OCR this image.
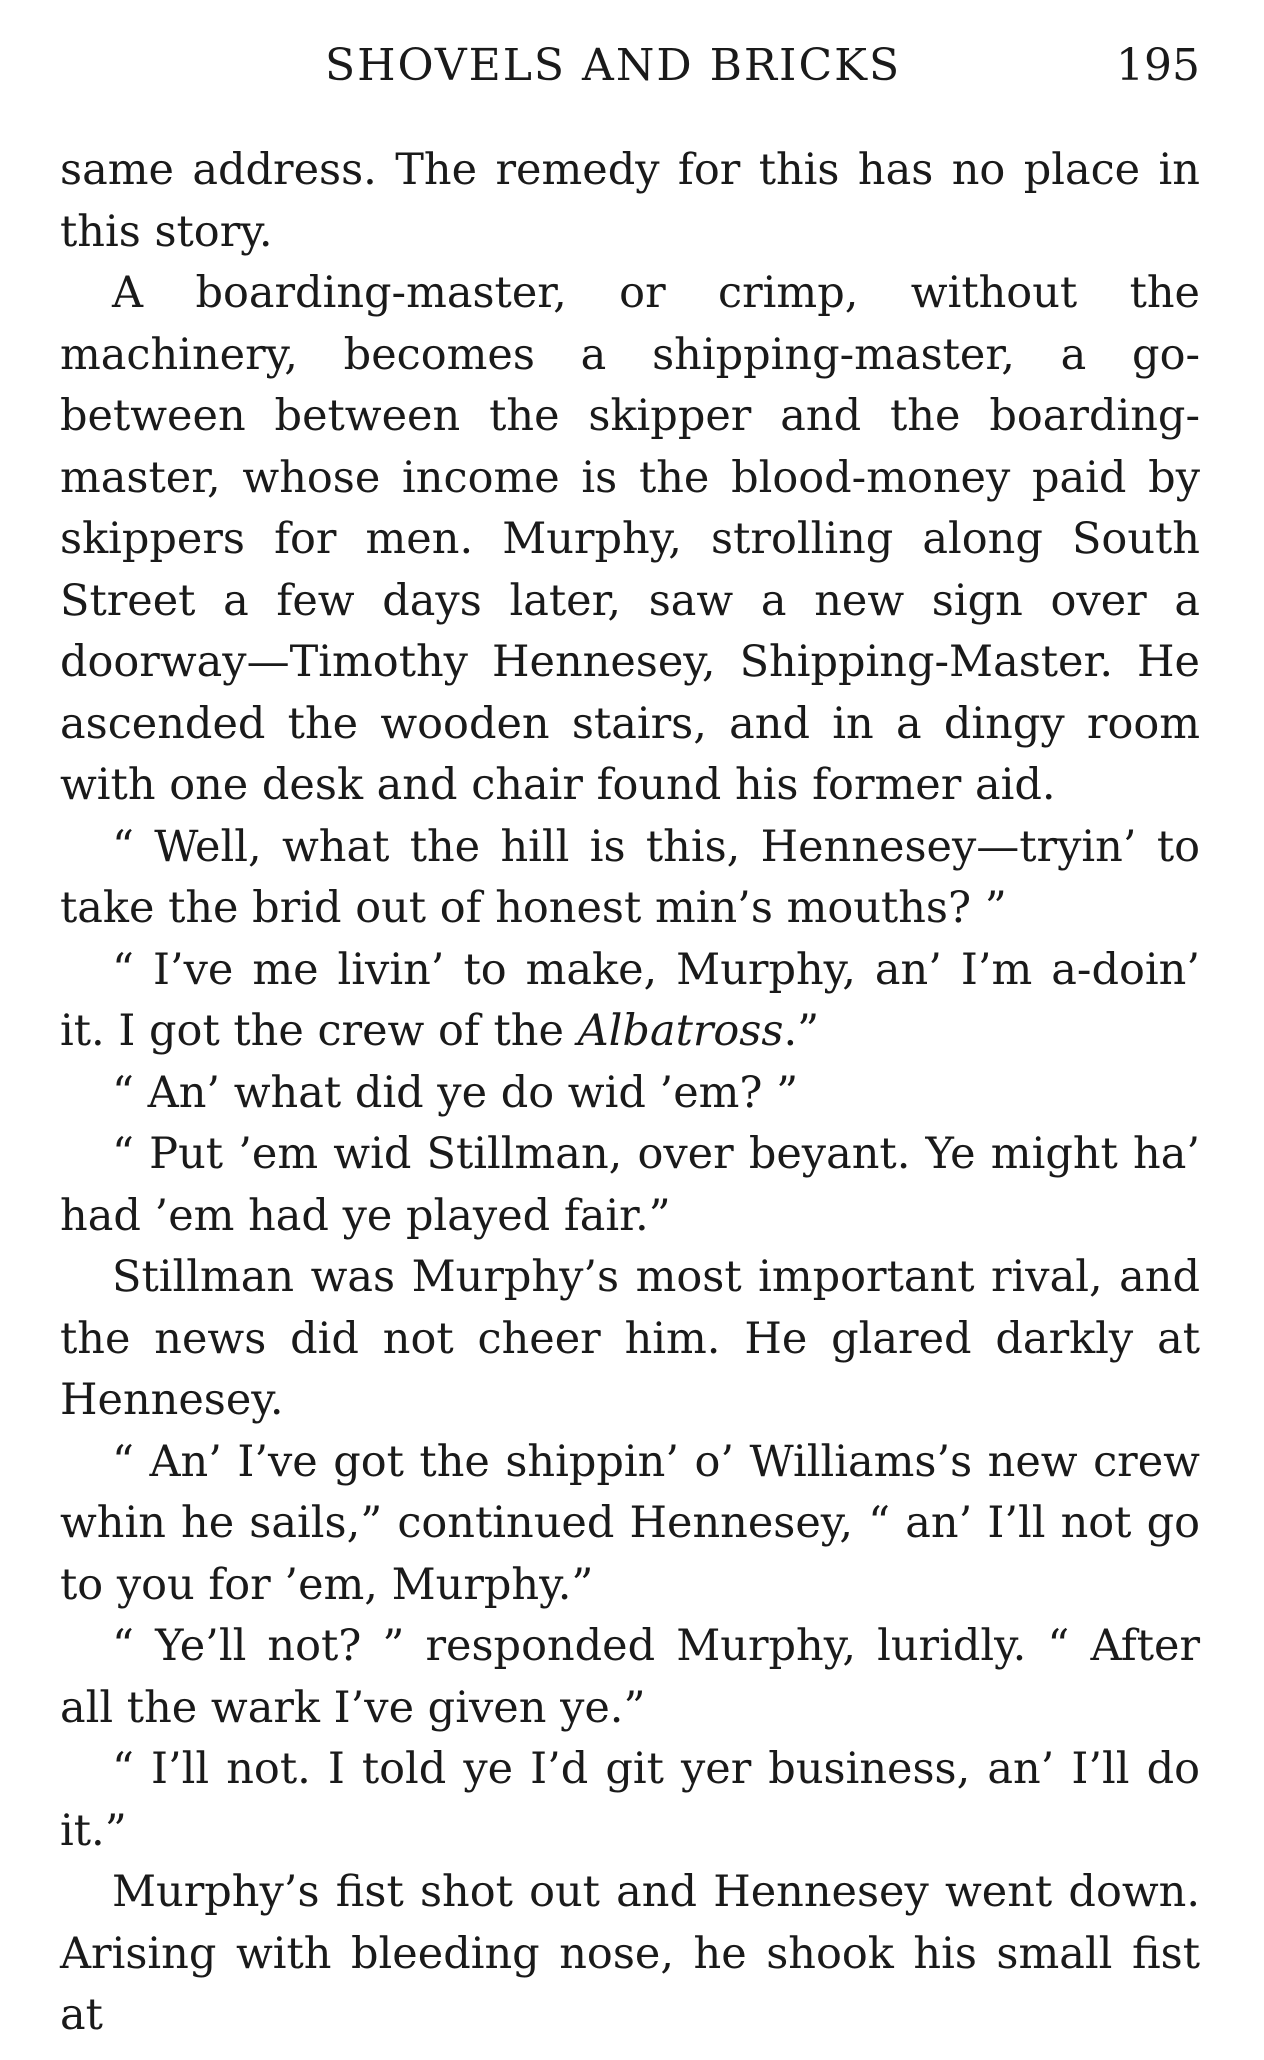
SHOVELS AND BRICKS	195

same address. The remedy for this has no place in this story.

A boarding-master, or crimp, without the machinery, becomes a shipping-master, a go-between between the skipper and the boarding-master, whose income is the blood-money paid by skippers for men. Murphy, strolling along South Street a few days later, saw a new sign over a doorway—Timothy Hennesey, Shipping-Master. He ascended the wooden stairs, and in a dingy room with one desk and chair found his former aid.

“ Well, what the hill is this, Hennesey—tryin’ to take the brid out of honest min’s mouths? ”

“ I’ve me livin’ to make, Murphy, an’ I’m a-doin’ it. I got the crew of the Albatross.”

“ An’ what did ye do wid ’em? ”

“ Put ’em wid Stillman, over beyant. Ye might ha’ had ’em had ye played fair.”

Stillman was Murphy’s most important rival, and the news did not cheer him. He glared darkly at Hennesey.

“ An’ I’ve got the shippin’ o’ Williams’s new crew whin he sails,” continued Hennesey, “ an’ I’ll not go to you for ’em, Murphy.”

“ Ye’ll not? ” responded Murphy, luridly. “ After all the wark I’ve given ye.”

“ I’ll not. I told ye I’d git yer business, an’ I’ll do it.”

Murphy’s fist shot out and Hennesey went down. Arising with bleeding nose, he shook his small fist at
